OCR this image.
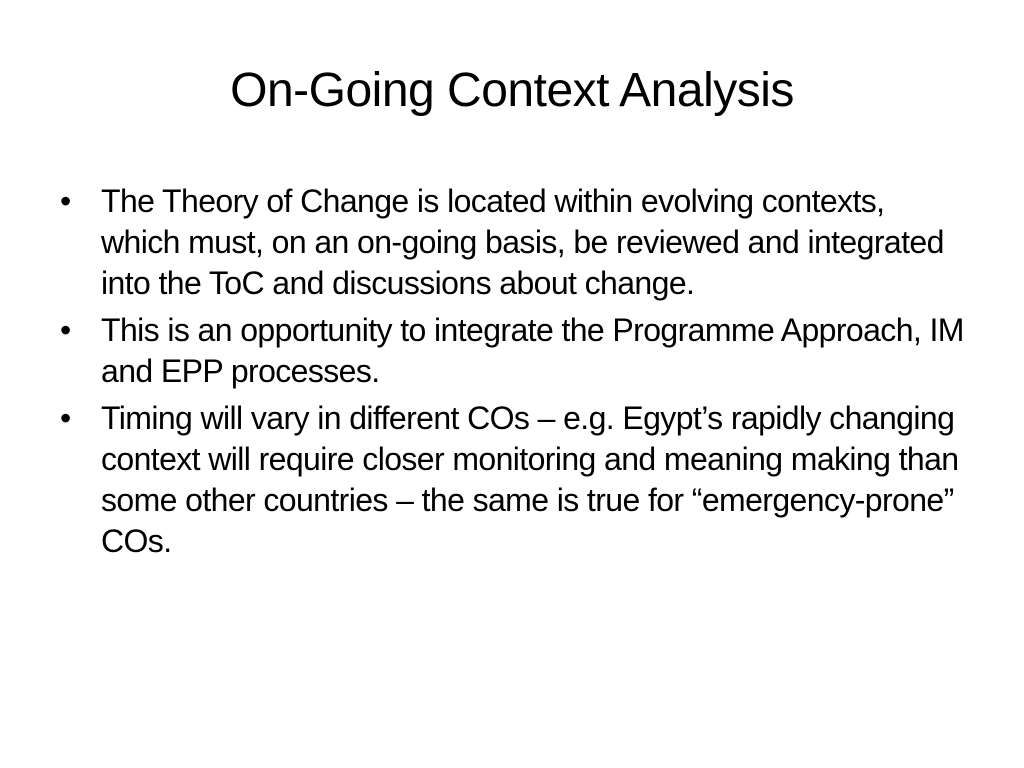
On-Going Context Analysis
• The Theory of Change is located within evolving contexts, which must, on an on-going basis, be reviewed and integrated into the ToC and discussions about change.
• This is an opportunity to integrate the Programme Approach, IM and EPP processes.
• Timing will vary in different COs – e.g. Egypt’s rapidly changing context will require closer monitoring and meaning making than some other countries – the same is true for “emergency-prone” COs.
